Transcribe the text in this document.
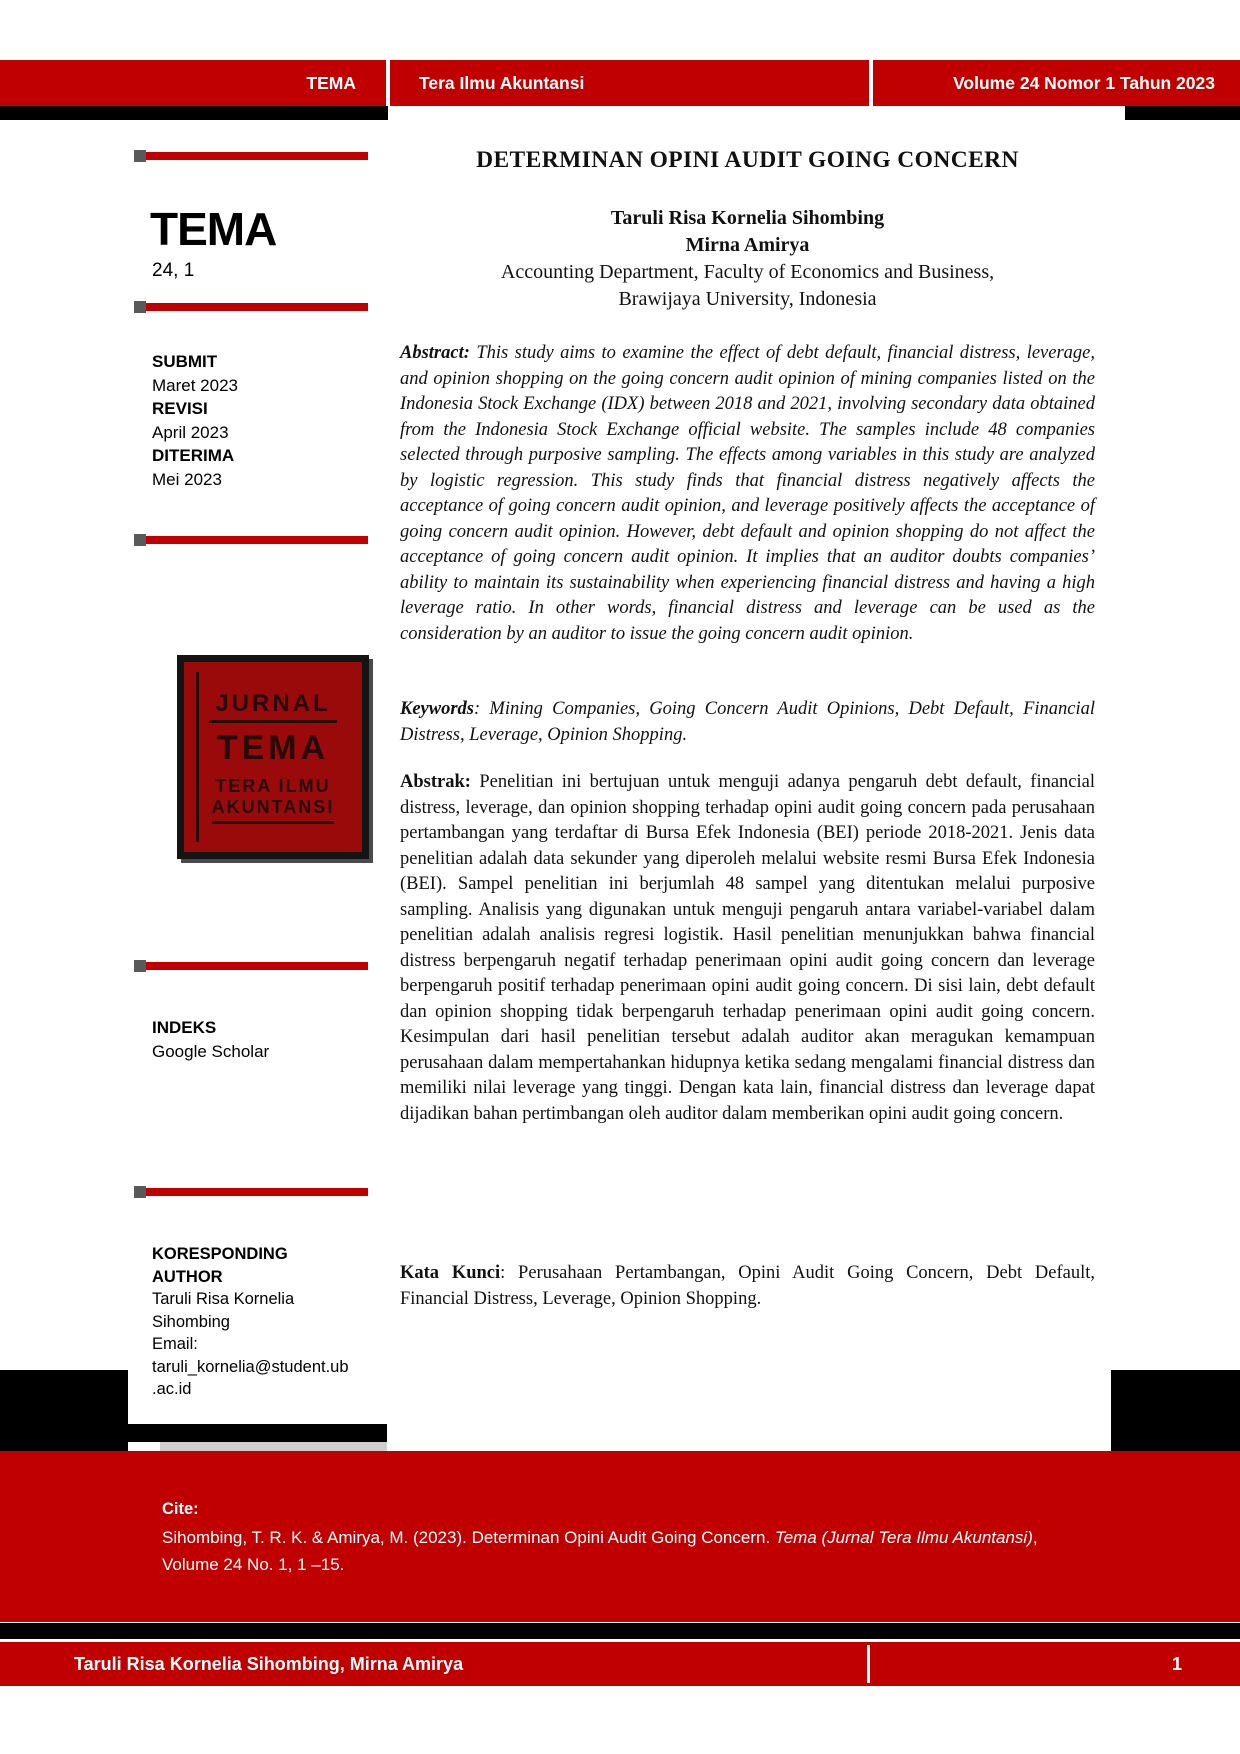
TEMA	Tera Ilmu Akuntansi	Volume 24 Nomor 1 Tahun 2023
TEMA
24, 1
SUBMIT
Maret 2023
REVISI
April 2023
DITERIMA
Mei 2023
JURNAL
TEMA
TERA ILMU
AKUNTANSI
INDEKS
Google Scholar
KORESPONDING AUTHOR
Taruli Risa Kornelia Sihombing
Email:
taruli_kornelia@student.ub.ac.id
DETERMINAN OPINI AUDIT GOING CONCERN
Taruli Risa Kornelia Sihombing
Mirna Amirya
Accounting Department, Faculty of Economics and Business,
Brawijaya University, Indonesia
Abstract: This study aims to examine the effect of debt default, financial distress, leverage, and opinion shopping on the going concern audit opinion of mining companies listed on the Indonesia Stock Exchange (IDX) between 2018 and 2021, involving secondary data obtained from the Indonesia Stock Exchange official website. The samples include 48 companies selected through purposive sampling. The effects among variables in this study are analyzed by logistic regression. This study finds that financial distress negatively affects the acceptance of going concern audit opinion, and leverage positively affects the acceptance of going concern audit opinion. However, debt default and opinion shopping do not affect the acceptance of going concern audit opinion. It implies that an auditor doubts companies’ ability to maintain its sustainability when experiencing financial distress and having a high leverage ratio. In other words, financial distress and leverage can be used as the consideration by an auditor to issue the going concern audit opinion.
Keywords: Mining Companies, Going Concern Audit Opinions, Debt Default, Financial Distress, Leverage, Opinion Shopping.
Abstrak: Penelitian ini bertujuan untuk menguji adanya pengaruh debt default, financial distress, leverage, dan opinion shopping terhadap opini audit going concern pada perusahaan pertambangan yang terdaftar di Bursa Efek Indonesia (BEI) periode 2018-2021. Jenis data penelitian adalah data sekunder yang diperoleh melalui website resmi Bursa Efek Indonesia (BEI). Sampel penelitian ini berjumlah 48 sampel yang ditentukan melalui purposive sampling. Analisis yang digunakan untuk menguji pengaruh antara variabel-variabel dalam penelitian adalah analisis regresi logistik. Hasil penelitian menunjukkan bahwa financial distress berpengaruh negatif terhadap penerimaan opini audit going concern dan leverage berpengaruh positif terhadap penerimaan opini audit going concern. Di sisi lain, debt default dan opinion shopping tidak berpengaruh terhadap penerimaan opini audit going concern. Kesimpulan dari hasil penelitian tersebut adalah auditor akan meragukan kemampuan perusahaan dalam mempertahankan hidupnya ketika sedang mengalami financial distress dan memiliki nilai leverage yang tinggi. Dengan kata lain, financial distress dan leverage dapat dijadikan bahan pertimbangan oleh auditor dalam memberikan opini audit going concern.
Kata Kunci: Perusahaan Pertambangan, Opini Audit Going Concern, Debt Default, Financial Distress, Leverage, Opinion Shopping.
Cite:
Sihombing, T. R. K. & Amirya, M. (2023). Determinan Opini Audit Going Concern. Tema (Jurnal Tera Ilmu Akuntansi), Volume 24 No. 1, 1 –15.
Taruli Risa Kornelia Sihombing, Mirna Amirya	1
